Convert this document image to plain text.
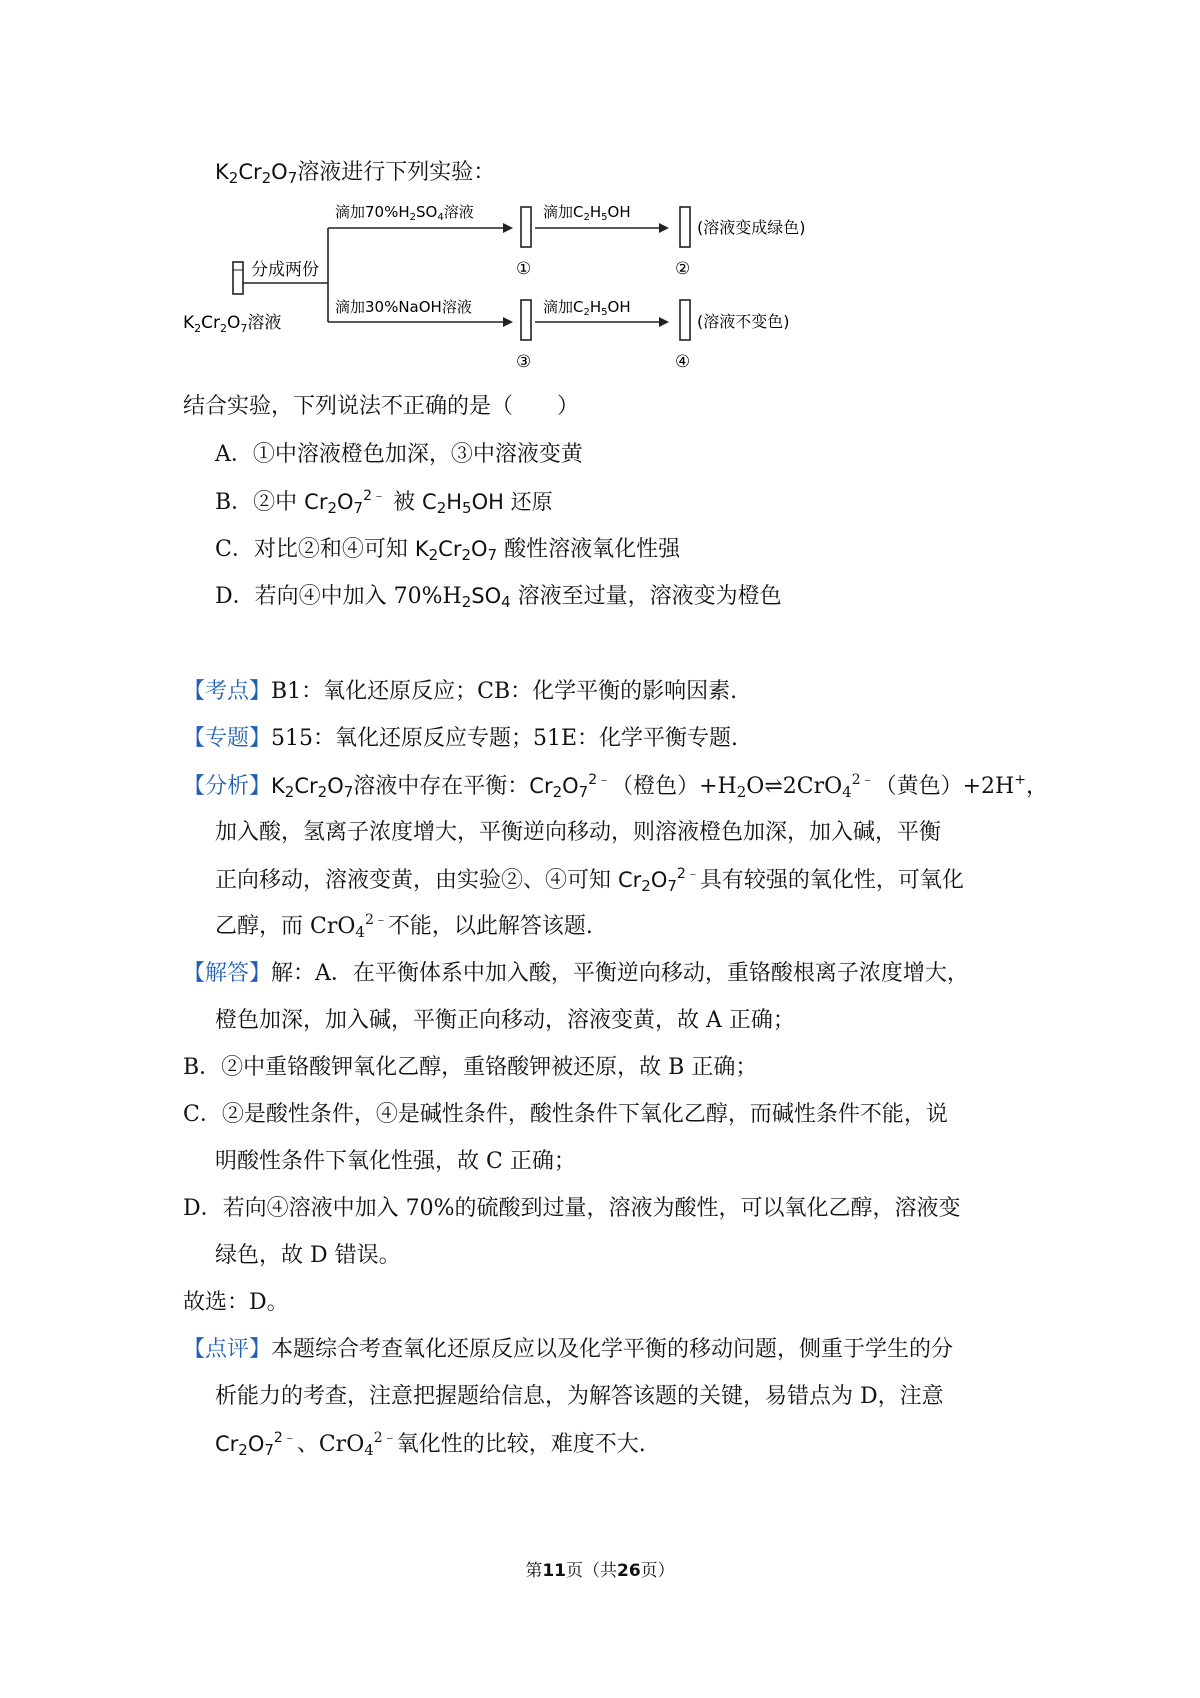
$K_2Cr_2O_7$溶液进行下列实验：
$K_2Cr_2O_7$溶液
分成两份
滴加$70\%H_2SO_4$溶液
滴加30%NaOH溶液
①
③
滴加$C_2H_5OH$
滴加$C_2H_5OH$
②
(溶液变成绿色)
④
(溶液不变色)
结合实验，下列说法不正确的是（　　）
A．①中溶液橙色加深，③中溶液变黄
B．②中 $Cr_2O_7^{2﹣}$ 被 $C_2H_5OH$ 还原
C．对比②和④可知 $K_2Cr_2O_7$ 酸性溶液氧化性强
D．若向④中加入 $70\%H_2SO_4$ 溶液至过量，溶液变为橙色
【考点】B1：氧化还原反应；CB：化学平衡的影响因素.
【专题】515：氧化还原反应专题；51E：化学平衡专题.
【分析】$K_2Cr_2O_7$溶液中存在平衡：$Cr_2O_7^{2﹣}$（橙色）$+H_2O\rightleftharpoons 2CrO_4^{2﹣}$（黄色）+2H+，
加入酸，氢离子浓度增大，平衡逆向移动，则溶液橙色加深，加入碱，平衡
正向移动，溶液变黄，由实验②、④可知 $Cr_2O_7^{2﹣}$具有较强的氧化性，可氧化
乙醇，而 CrO$_4^{2﹣}$不能，以此解答该题.
【解答】解：A．在平衡体系中加入酸，平衡逆向移动，重铬酸根离子浓度增大，
橙色加深，加入碱，平衡正向移动，溶液变黄，故 A 正确；
B．②中重铬酸钾氧化乙醇，重铬酸钾被还原，故 B 正确；
C．②是酸性条件，④是碱性条件，酸性条件下氧化乙醇，而碱性条件不能，说
明酸性条件下氧化性强，故 C 正确；
D．若向④溶液中加入 70%的硫酸到过量，溶液为酸性，可以氧化乙醇，溶液变
绿色，故 D 错误。
故选：D。
【点评】本题综合考查氧化还原反应以及化学平衡的移动问题，侧重于学生的分
析能力的考查，注意把握题给信息，为解答该题的关键，易错点为 D，注意
$Cr_2O_7^{2﹣}$、CrO$_4^{2﹣}$氧化性的比较，难度不大.
第11页（共26页）
